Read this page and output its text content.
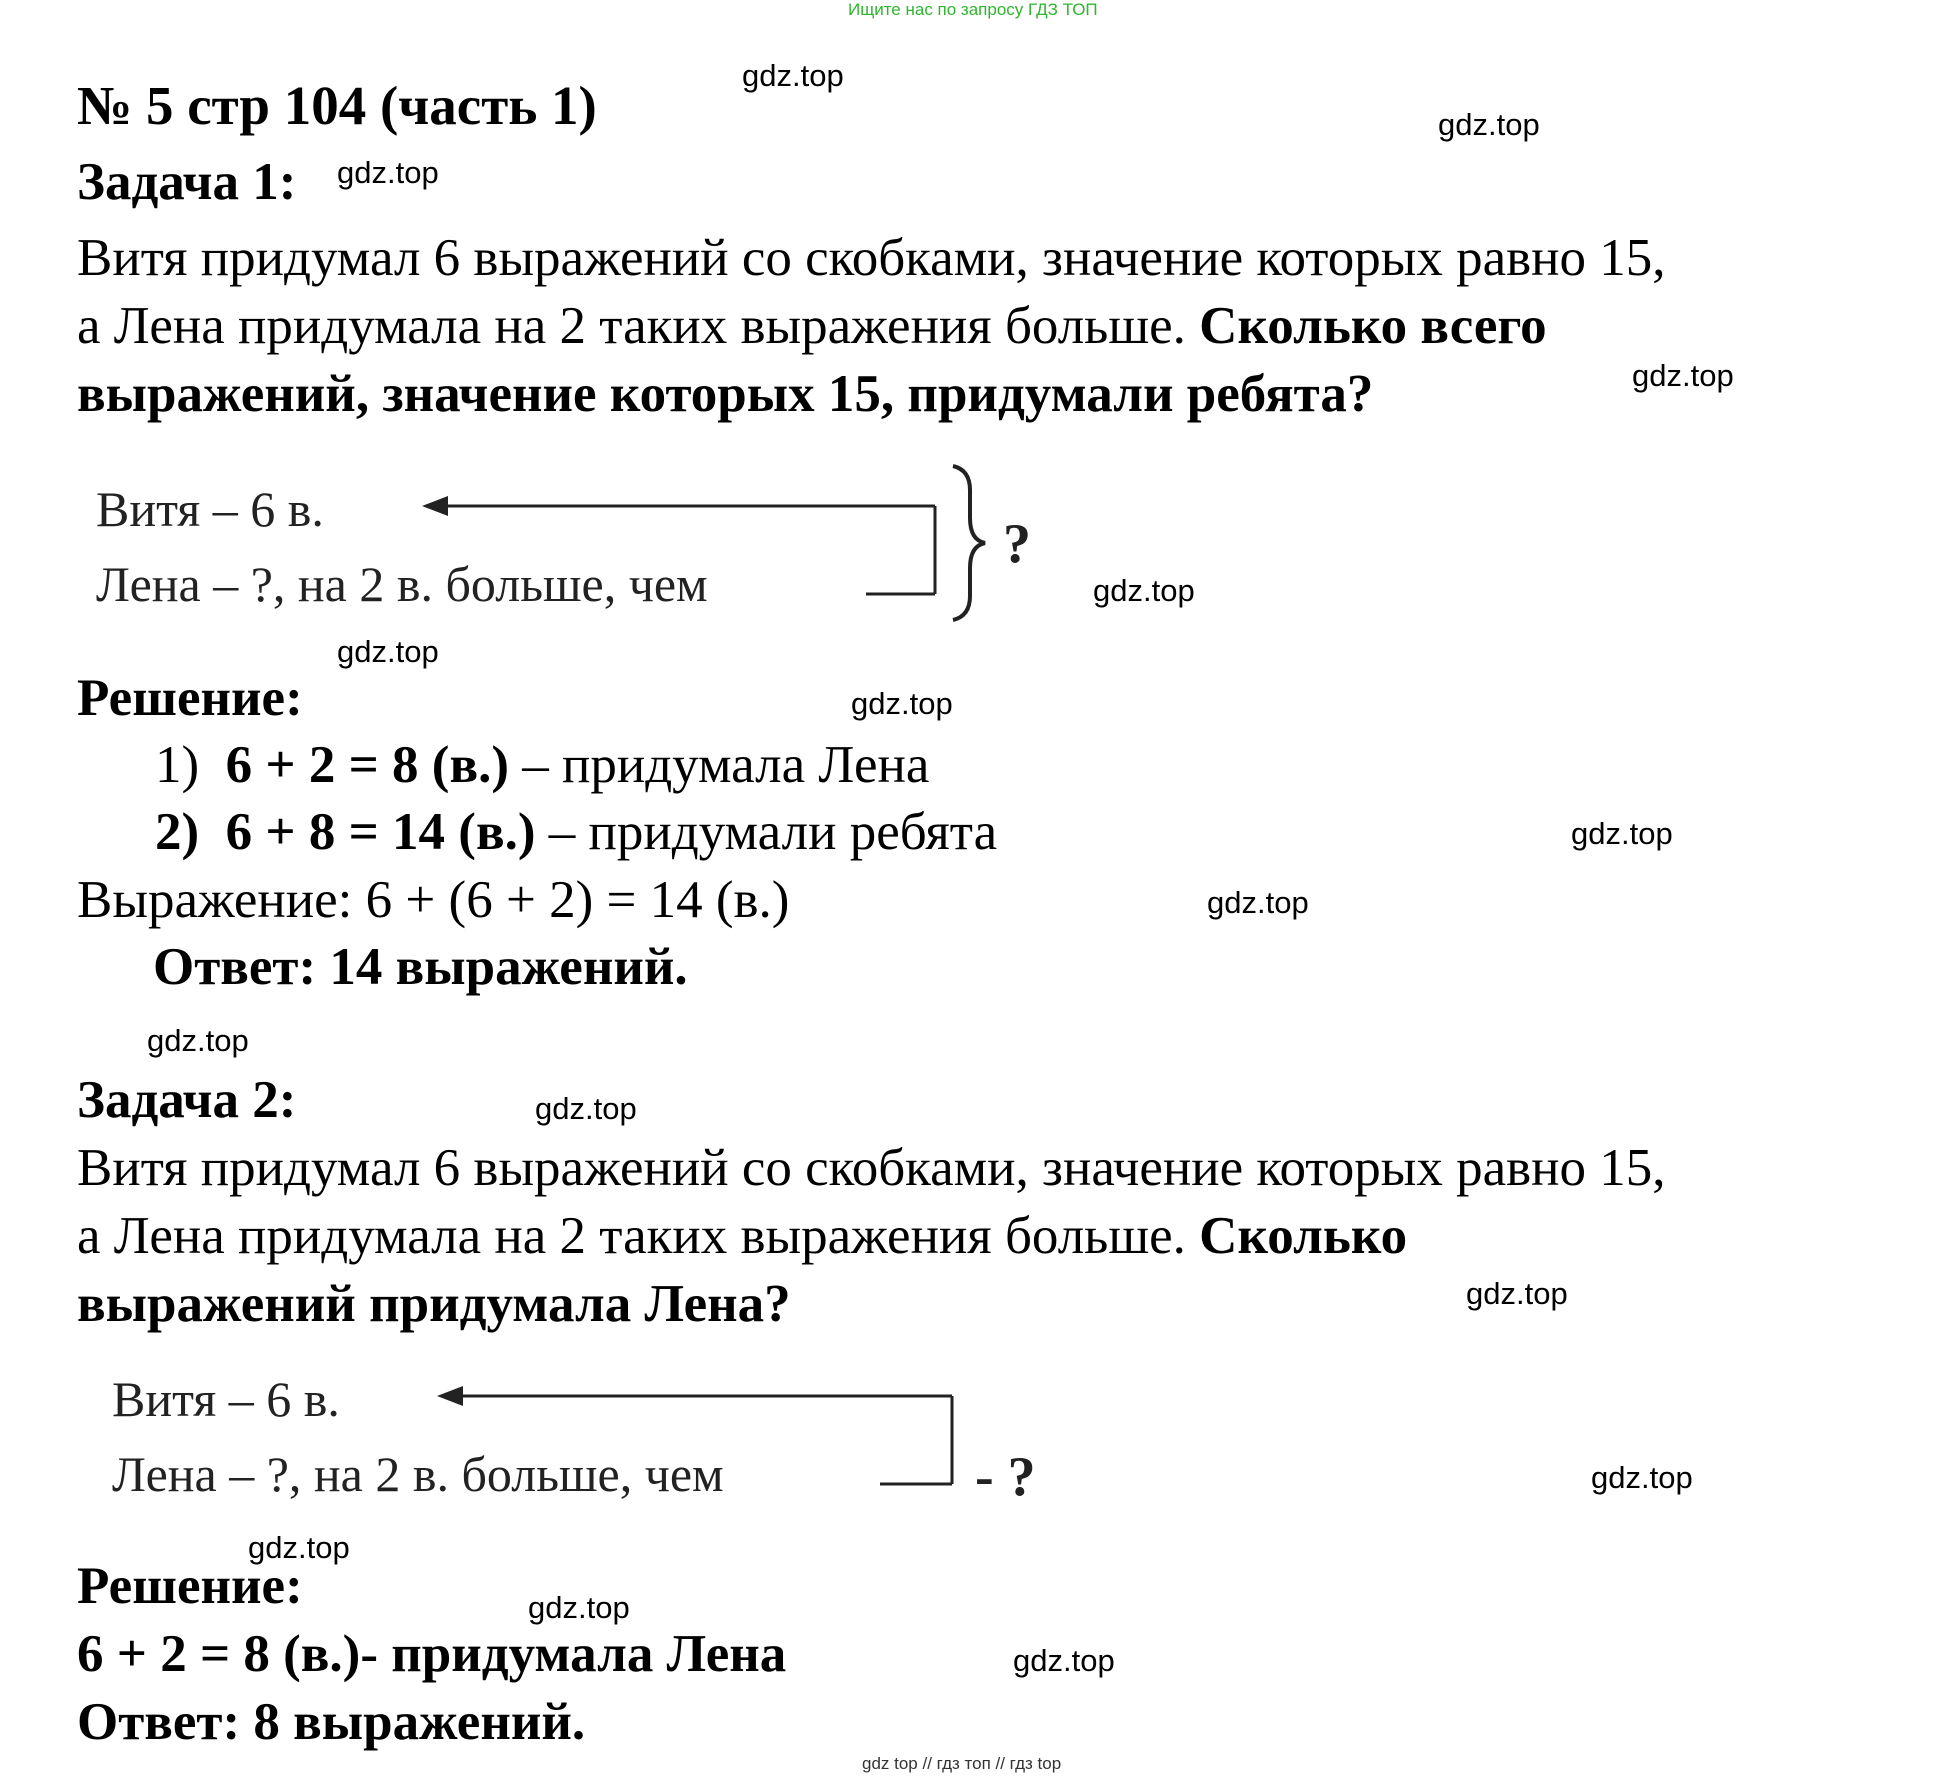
Ищите нас по запросу ГДЗ ТОП
gdz top // гдз топ // гдз top
№ 5 стр 104 (часть 1)
Задача 1:
Витя придумал 6 выражений со скобками, значение которых равно 15,
а Лена придумала на 2 таких выражения больше. Сколько всего
выражений, значение которых 15, придумали ребята?
Витя – 6 в.
Лена – ?, на 2 в. больше, чем
?
Решение:
1) 6 + 2 = 8 (в.) – придумала Лена
2) 6 + 8 = 14 (в.) – придумали ребята
Выражение: 6 + (6 + 2) = 14 (в.)
Ответ: 14 выражений.
Задача 2:
Витя придумал 6 выражений со скобками, значение которых равно 15,
а Лена придумала на 2 таких выражения больше. Сколько
выражений придумала Лена?
Витя – 6 в.
Лена – ?, на 2 в. больше, чем	- ?
Решение:
6 + 2 = 8 (в.)- придумала Лена
Ответ: 8 выражений.
gdz.top
gdz.top
gdz.top
gdz.top
gdz.top
gdz.top
gdz.top
gdz.top
gdz.top
gdz.top
gdz.top
gdz.top
gdz.top
gdz.top
gdz.top
gdz.top
